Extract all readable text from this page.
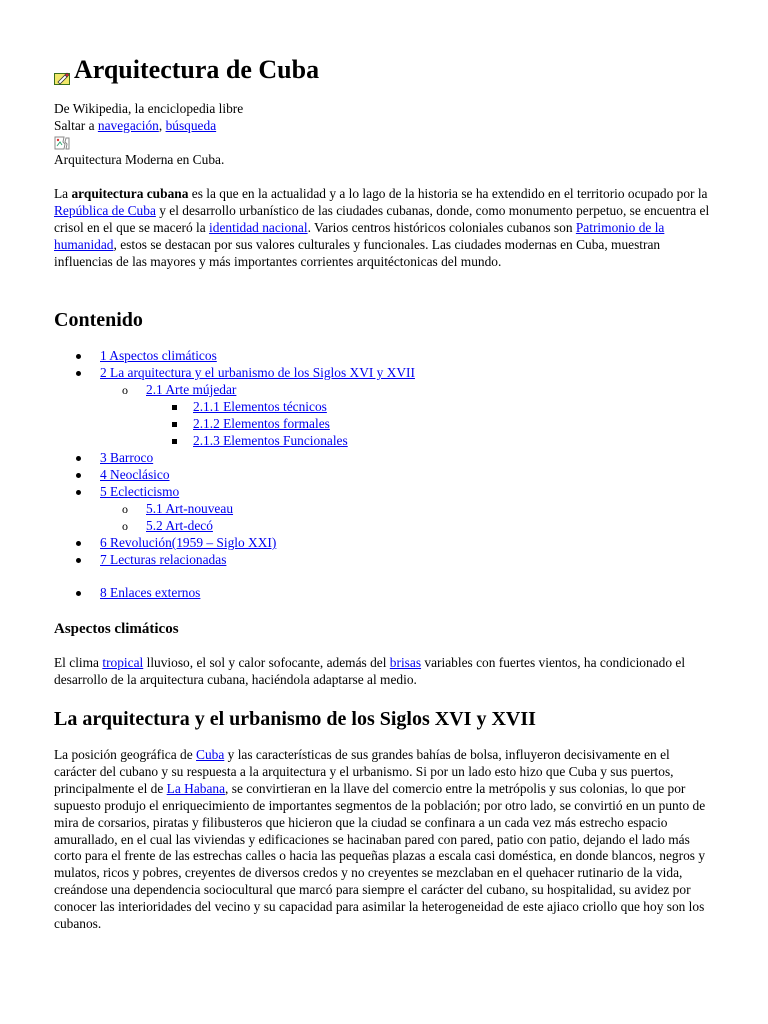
Arquitectura de Cuba
De Wikipedia, la enciclopedia libre
Saltar a navegación, búsqueda
Arquitectura Moderna en Cuba.

La arquitectura cubana es la que en la actualidad y a lo lago de la historia se ha extendido en el territorio ocupado por la República de Cuba y el desarrollo urbanístico de las ciudades cubanas, donde, como monumento perpetuo, se encuentra el crisol en el que se maceró la identidad nacional. Varios centros históricos coloniales cubanos son Patrimonio de la humanidad, estos se destacan por sus valores culturales y funcionales. Las ciudades modernas en Cuba, muestran influencias de las mayores y más importantes corrientes arquitéctonicas del mundo.

Contenido
1 Aspectos climáticos
2 La arquitectura y el urbanismo de los Siglos XVI y XVII
o 2.1 Arte mújedar
2.1.1 Elementos técnicos
2.1.2 Elementos formales
2.1.3 Elementos Funcionales
3 Barroco
4 Neoclásico
5 Eclecticismo
o 5.1 Art-nouveau
o 5.2 Art-decó
6 Revolución(1959 – Siglo XXI)
7 Lecturas relacionadas
8 Enlaces externos
Aspectos climáticos

El clima tropical lluvioso, el sol y calor sofocante, además del brisas variables con fuertes vientos, ha condicionado el desarrollo de la arquitectura cubana, haciéndola adaptarse al medio.

La arquitectura y el urbanismo de los Siglos XVI y XVII

La posición geográfica de Cuba y las características de sus grandes bahías de bolsa, influyeron decisivamente en el carácter del cubano y su respuesta a la arquitectura y el urbanismo. Si por un lado esto hizo que Cuba y sus puertos, principalmente el de La Habana, se convirtieran en la llave del comercio entre la metrópolis y sus colonias, lo que por supuesto produjo el enriquecimiento de importantes segmentos de la población; por otro lado, se convirtió en un punto de mira de corsarios, piratas y filibusteros que hicieron que la ciudad se confinara a un cada vez más estrecho espacio amurallado, en el cual las viviendas y edificaciones se hacinaban pared con pared, patio con patio, dejando el lado más corto para el frente de las estrechas calles o hacia las pequeñas plazas a escala casi doméstica, en donde blancos, negros y mulatos, ricos y pobres, creyentes de diversos credos y no creyentes se mezclaban en el quehacer rutinario de la vida, creándose una dependencia sociocultural que marcó para siempre el carácter del cubano, su hospitalidad, su avidez por conocer las interioridades del vecino y su capacidad para asimilar la heterogeneidad de este ajiaco criollo que hoy son los cubanos.
